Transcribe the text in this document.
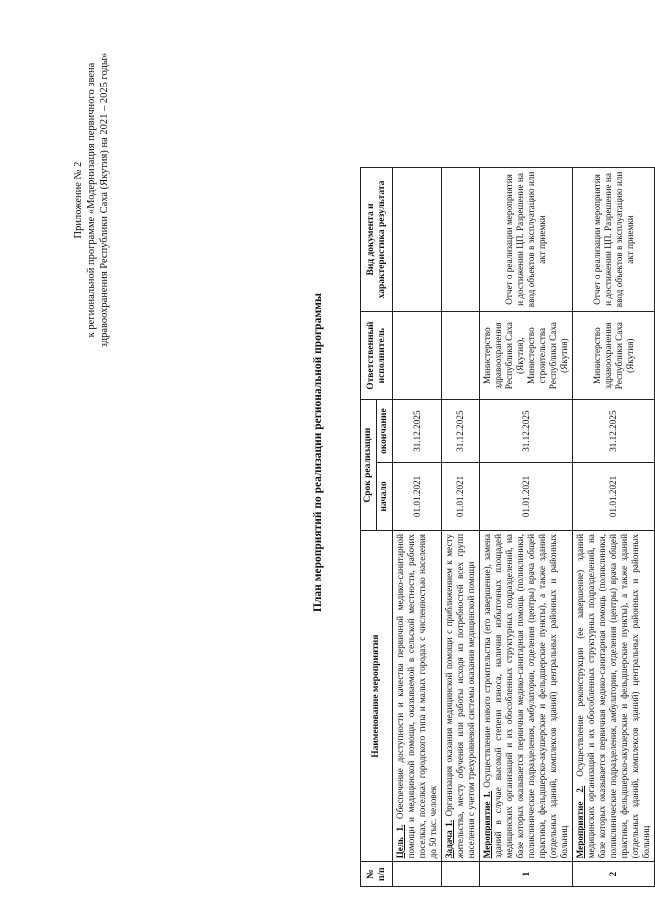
Приложение № 2 к региональной программе «Модернизация первичного звена здравоохранения Республики Саха (Якутия) на 2021 – 2025 годы»
План мероприятий по реализации региональной программы
№ п/п	Наименование мероприятия	Срок реализации		Ответственный исполнитель	Вид документа и характеристика результата
		начало	окончание		
	Цель 1. Обеспечение доступности и качества первичной медико-санитарной помощи и медицинской помощи, оказываемой в сельской местности, рабочих поселках, поселках городского типа и малых городах с численностью населения до 50 тыс. человек	01.01.2021	31.12.2025		
	Задача 1. Организация оказания медицинской помощи с приближением к месту жительства, месту обучения или работы исходя из потребностей всех групп населения с учетом трехуровневой системы оказания медицинской помощи	01.01.2021	31.12.2025		
1	Мероприятие 1. Осуществление нового строительства (его завершение), замена зданий в случае высокой степени износа, наличия избыточных площадей медицинских организаций и их обособленных структурных подразделений, на базе которых оказывается первичная медико-санитарная помощь (поликлиники, поликлинические подразделения, амбулатории, отделения (центры) врача общей практики, фельдшерско-акушерские и фельдшерские пункты), а также зданий (отдельных зданий, комплексов зданий) центральных районных и районных больниц	01.01.2021	31.12.2025	Министерство здравоохранения Республики Саха (Якутия), Министерство строительства Республики Саха (Якутия)	Отчет о реализации мероприятия и достижении ЦП. Разрешение на ввод объектов в эксплуатацию или акт приемки
2	Мероприятие 2. Осуществление реконструкции (ее завершение) зданий медицинских организаций и их обособленных структурных подразделений, на базе которых оказывается первичная медико-санитарная помощь (поликлиники, поликлинические подразделения, амбулатории, отделения (центры) врача общей практики, фельдшерско-акушерские и фельдшерские пункты), а также зданий (отдельных зданий, комплексов зданий) центральных районных и районных больниц	01.01.2021	31.12.2025	Министерство здравоохранения Республики Саха (Якутия)	Отчет о реализации мероприятия и достижении ЦП. Разрешение на ввод объектов в эксплуатацию или акт приемки
